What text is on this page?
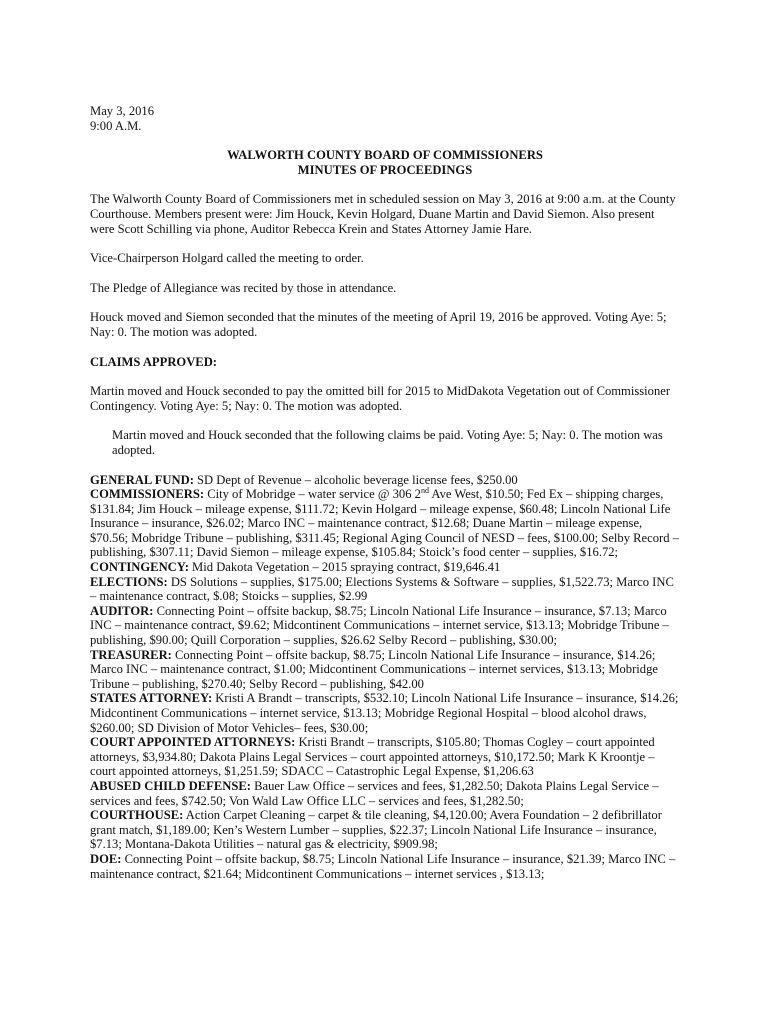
May 3, 2016

9:00 A.M.

WALWORTH COUNTY BOARD OF COMMISSIONERS

MINUTES OF PROCEEDINGS

The Walworth County Board of Commissioners met in scheduled session on May 3, 2016 at 9:00 a.m. at the County Courthouse. Members present were: Jim Houck, Kevin Holgard, Duane Martin and David Siemon. Also present were Scott Schilling via phone, Auditor Rebecca Krein and States Attorney Jamie Hare.

Vice-Chairperson Holgard called the meeting to order.

The Pledge of Allegiance was recited by those in attendance.

Houck moved and Siemon seconded that the minutes of the meeting of April 19, 2016 be approved. Voting Aye: 5; Nay: 0. The motion was adopted.

CLAIMS APPROVED:

Martin moved and Houck seconded to pay the omitted bill for 2015 to MidDakota Vegetation out of Commissioner Contingency. Voting Aye: 5; Nay: 0. The motion was adopted.

Martin moved and Houck seconded that the following claims be paid. Voting Aye: 5; Nay: 0. The motion was adopted.

GENERAL FUND: SD Dept of Revenue – alcoholic beverage license fees, $250.00

COMMISSIONERS: City of Mobridge – water service @ 306 2nd Ave West, $10.50; Fed Ex – shipping charges, $131.84; Jim Houck – mileage expense, $111.72; Kevin Holgard – mileage expense, $60.48; Lincoln National Life Insurance – insurance, $26.02; Marco INC – maintenance contract, $12.68; Duane Martin – mileage expense, $70.56; Mobridge Tribune – publishing, $311.45; Regional Aging Council of NESD – fees, $100.00; Selby Record – publishing, $307.11; David Siemon – mileage expense, $105.84; Stoick’s food center – supplies, $16.72;

CONTINGENCY: Mid Dakota Vegetation – 2015 spraying contract, $19,646.41

ELECTIONS: DS Solutions – supplies, $175.00; Elections Systems & Software – supplies, $1,522.73; Marco INC – maintenance contract, $.08; Stoicks – supplies, $2.99

AUDITOR: Connecting Point – offsite backup, $8.75; Lincoln National Life Insurance – insurance, $7.13; Marco INC – maintenance contract, $9.62; Midcontinent Communications – internet service, $13.13; Mobridge Tribune – publishing, $90.00; Quill Corporation – supplies, $26.62 Selby Record – publishing, $30.00;

TREASURER: Connecting Point – offsite backup, $8.75; Lincoln National Life Insurance – insurance, $14.26; Marco INC – maintenance contract, $1.00; Midcontinent Communications – internet services, $13.13; Mobridge Tribune – publishing, $270.40; Selby Record – publishing, $42.00

STATES ATTORNEY: Kristi A Brandt – transcripts, $532.10; Lincoln National Life Insurance – insurance, $14.26; Midcontinent Communications – internet service, $13.13; Mobridge Regional Hospital – blood alcohol draws, $260.00; SD Division of Motor Vehicles– fees, $30.00;

COURT APPOINTED ATTORNEYS: Kristi Brandt – transcripts, $105.80; Thomas Cogley – court appointed attorneys, $3,934.80; Dakota Plains Legal Services – court appointed attorneys, $10,172.50; Mark K Kroontje – court appointed attorneys, $1,251.59; SDACC – Catastrophic Legal Expense, $1,206.63

ABUSED CHILD DEFENSE: Bauer Law Office – services and fees, $1,282.50; Dakota Plains Legal Service – services and fees, $742.50; Von Wald Law Office LLC – services and fees, $1,282.50;

COURTHOUSE: Action Carpet Cleaning – carpet & tile cleaning, $4,120.00; Avera Foundation – 2 defibrillator grant match, $1,189.00; Ken’s Western Lumber – supplies, $22.37; Lincoln National Life Insurance – insurance, $7.13; Montana-Dakota Utilities – natural gas & electricity, $909.98;

DOE: Connecting Point – offsite backup, $8.75; Lincoln National Life Insurance – insurance, $21.39; Marco INC – maintenance contract, $21.64; Midcontinent Communications – internet services , $13.13;
